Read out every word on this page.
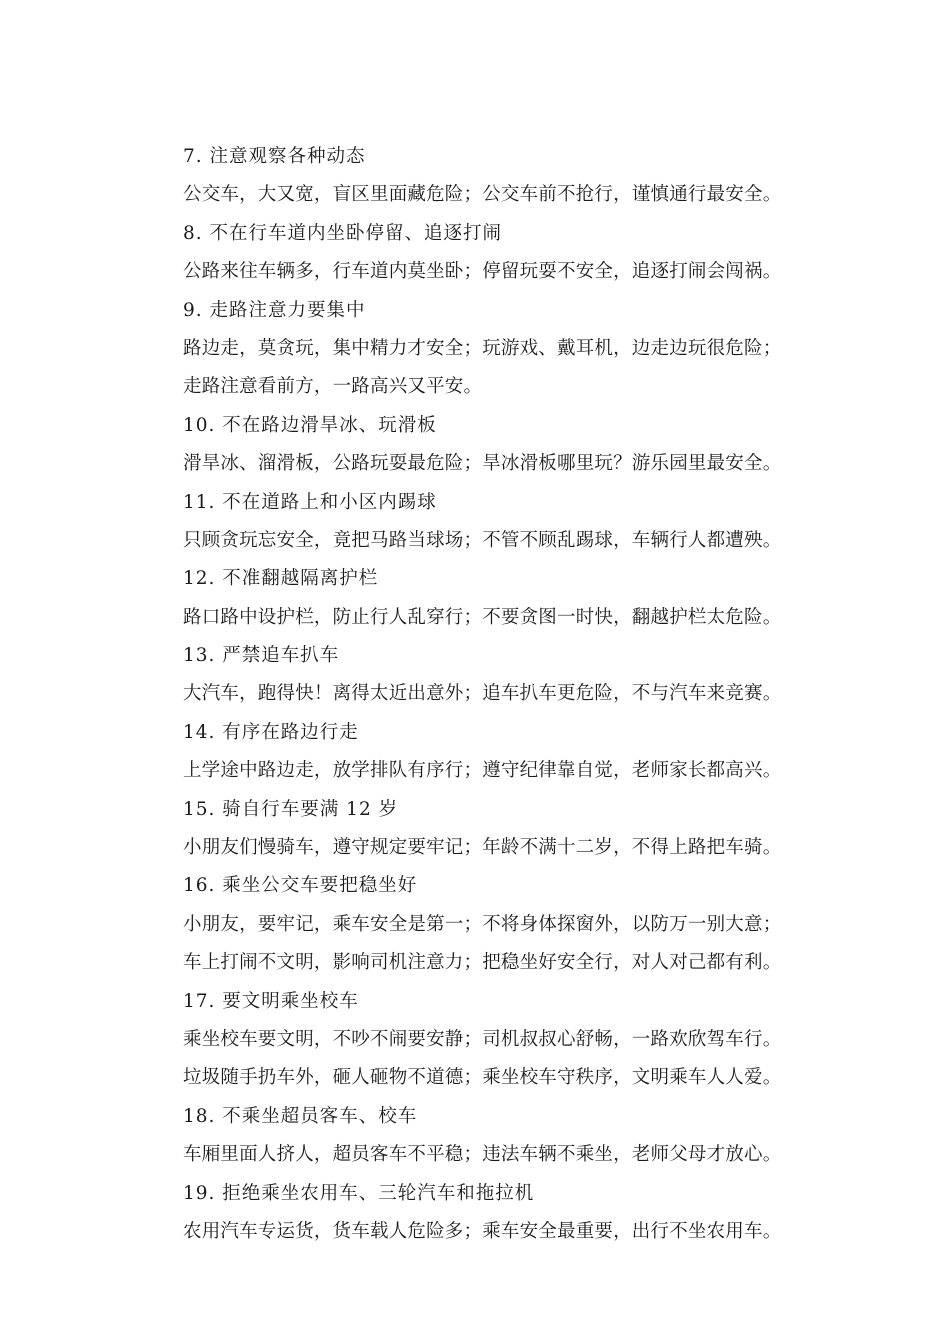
7. 注意观察各种动态
公交车，大又宽，盲区里面藏危险；公交车前不抢行，谨慎通行最安全。
8. 不在行车道内坐卧停留、追逐打闹
公路来往车辆多，行车道内莫坐卧；停留玩耍不安全，追逐打闹会闯祸。
9. 走路注意力要集中
路边走，莫贪玩，集中精力才安全；玩游戏、戴耳机，边走边玩很危险；
走路注意看前方，一路高兴又平安。
10. 不在路边滑旱冰、玩滑板
滑旱冰、溜滑板，公路玩耍最危险；旱冰滑板哪里玩？游乐园里最安全。
11. 不在道路上和小区内踢球
只顾贪玩忘安全，竟把马路当球场；不管不顾乱踢球，车辆行人都遭殃。
12. 不准翻越隔离护栏
路口路中设护栏，防止行人乱穿行；不要贪图一时快，翻越护栏太危险。
13. 严禁追车扒车
大汽车，跑得快！离得太近出意外；追车扒车更危险，不与汽车来竞赛。
14. 有序在路边行走
上学途中路边走，放学排队有序行；遵守纪律靠自觉，老师家长都高兴。
15. 骑自行车要满 12 岁
小朋友们慢骑车，遵守规定要牢记；年龄不满十二岁，不得上路把车骑。
16. 乘坐公交车要把稳坐好
小朋友，要牢记，乘车安全是第一；不将身体探窗外，以防万一别大意；
车上打闹不文明，影响司机注意力；把稳坐好安全行，对人对己都有利。
17. 要文明乘坐校车
乘坐校车要文明，不吵不闹要安静；司机叔叔心舒畅，一路欢欣驾车行。
垃圾随手扔车外，砸人砸物不道德；乘坐校车守秩序，文明乘车人人爱。
18. 不乘坐超员客车、校车
车厢里面人挤人，超员客车不平稳；违法车辆不乘坐，老师父母才放心。
19. 拒绝乘坐农用车、三轮汽车和拖拉机
农用汽车专运货，货车载人危险多；乘车安全最重要，出行不坐农用车。
